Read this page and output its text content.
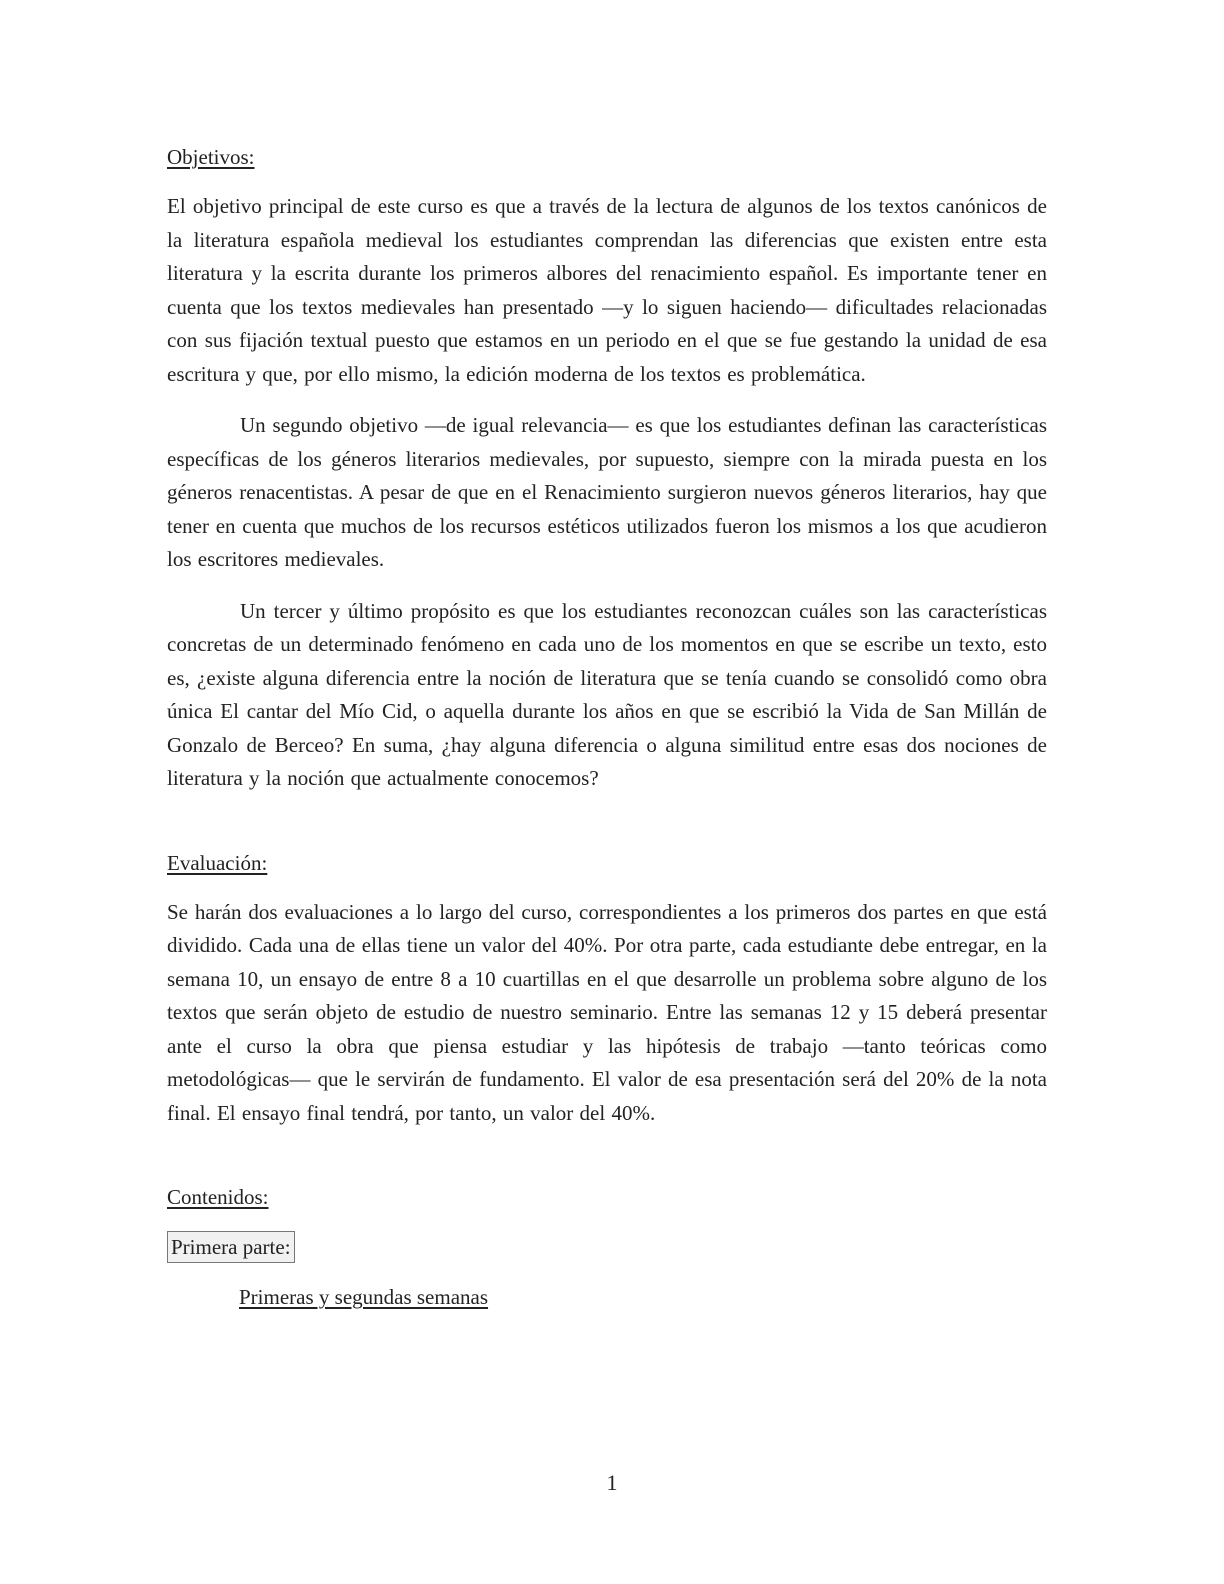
Objetivos:

El objetivo principal de este curso es que a través de la lectura de algunos de los textos canónicos de la literatura española medieval los estudiantes comprendan las diferencias que existen entre esta literatura y la escrita durante los primeros albores del renacimiento español. Es importante tener en cuenta que los textos medievales han presentado —y lo siguen haciendo— dificultades relacionadas con sus fijación textual puesto que estamos en un periodo en el que se fue gestando la unidad de esa escritura y que, por ello mismo, la edición moderna de los textos es problemática.

Un segundo objetivo —de igual relevancia— es que los estudiantes definan las características específicas de los géneros literarios medievales, por supuesto, siempre con la mirada puesta en los géneros renacentistas. A pesar de que en el Renacimiento surgieron nuevos géneros literarios, hay que tener en cuenta que muchos de los recursos estéticos utilizados fueron los mismos a los que acudieron los escritores medievales.

Un tercer y último propósito es que los estudiantes reconozcan cuáles son las características concretas de un determinado fenómeno en cada uno de los momentos en que se escribe un texto, esto es, ¿existe alguna diferencia entre la noción de literatura que se tenía cuando se consolidó como obra única El cantar del Mío Cid, o aquella durante los años en que se escribió la Vida de San Millán de Gonzalo de Berceo? En suma, ¿hay alguna diferencia o alguna similitud entre esas dos nociones de literatura y la noción que actualmente conocemos?

Evaluación:

Se harán dos evaluaciones a lo largo del curso, correspondientes a los primeros dos partes en que está dividido. Cada una de ellas tiene un valor del 40%. Por otra parte, cada estudiante debe entregar, en la semana 10, un ensayo de entre 8 a 10 cuartillas en el que desarrolle un problema sobre alguno de los textos que serán objeto de estudio de nuestro seminario. Entre las semanas 12 y 15 deberá presentar ante el curso la obra que piensa estudiar y las hipótesis de trabajo —tanto teóricas como metodológicas— que le servirán de fundamento. El valor de esa presentación será del 20% de la nota final. El ensayo final tendrá, por tanto, un valor del 40%.

Contenidos:

Primera parte:

Primeras y segundas semanas

1
